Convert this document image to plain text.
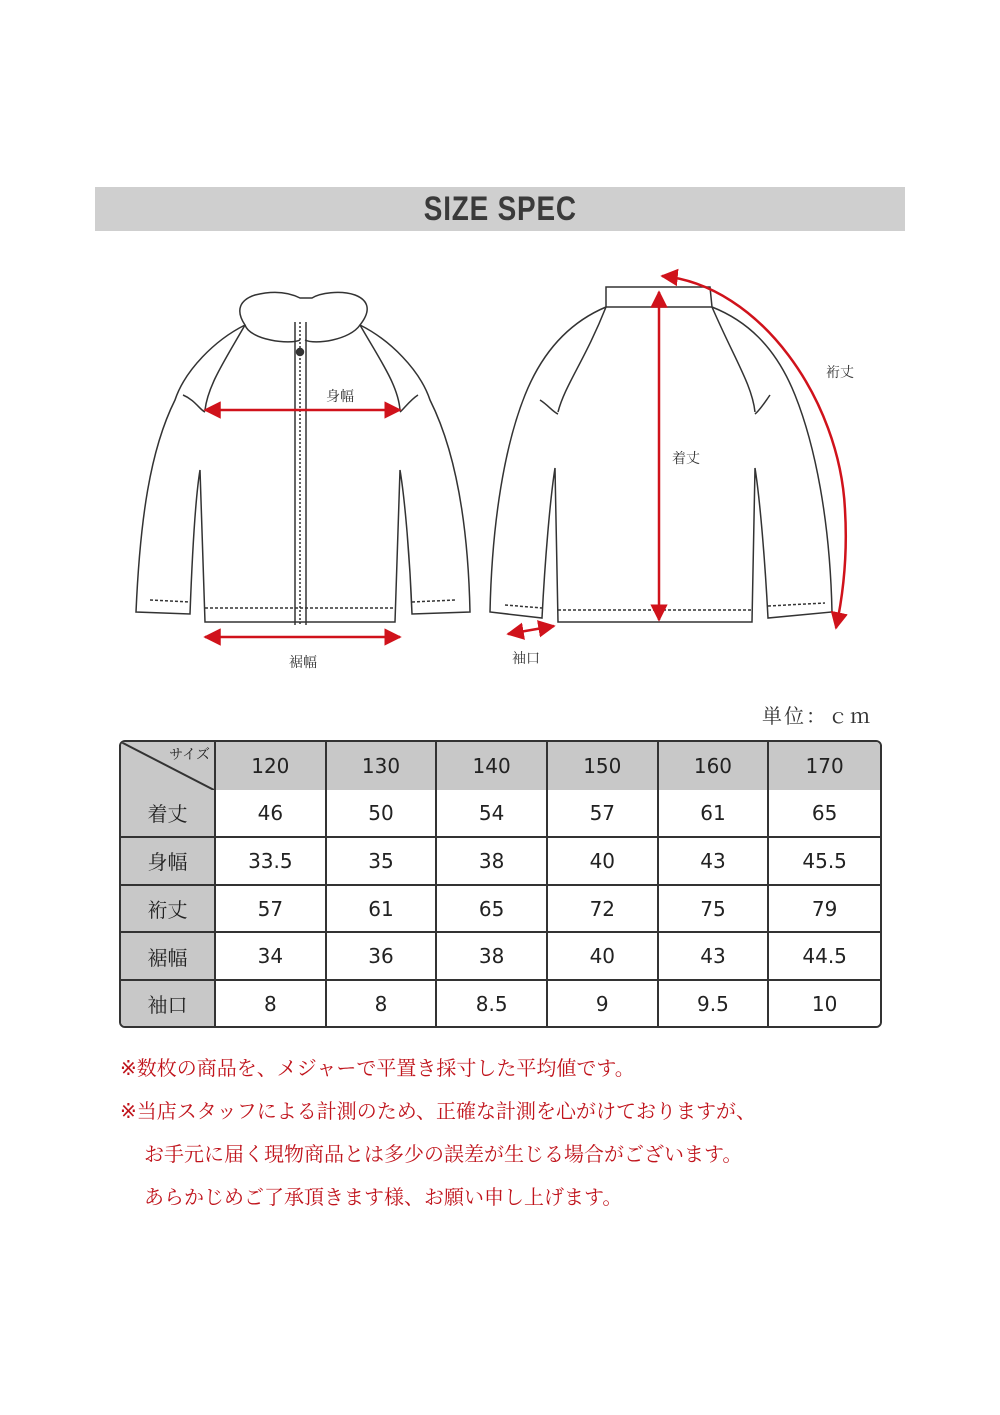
SIZE SPEC
身幅
裾幅
着丈
裄丈
袖口
単位：ｃｍ
サイズ	120	130	140	150	160	170
着丈	46	50	54	57	61	65
身幅	33.5	35	38	40	43	45.5
裄丈	57	61	65	72	75	79
裾幅	34	36	38	40	43	44.5
袖口	8	8	8.5	9	9.5	10
※数枚の商品を、メジャーで平置き採寸した平均値です。
※当店スタッフによる計測のため、正確な計測を心がけておりますが、
お手元に届く現物商品とは多少の誤差が生じる場合がございます。
あらかじめご了承頂きます様、お願い申し上げます。
